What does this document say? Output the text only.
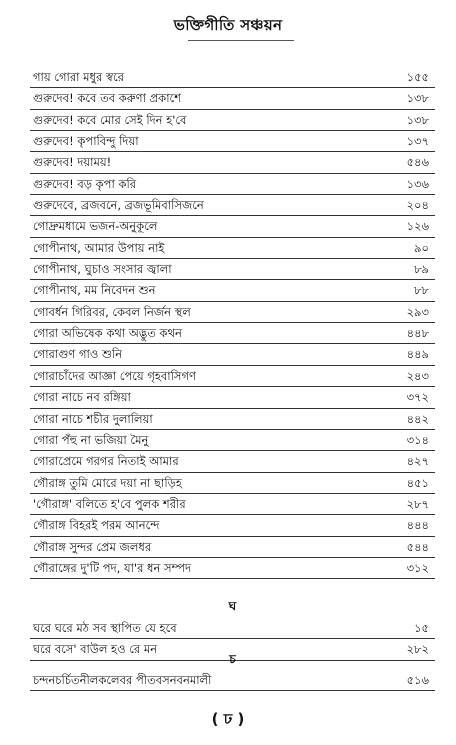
ভক্তিগীতি সঞ্চয়ন
গায় গোরা মধুর স্বরে	১৫৫
গুরুদেব! কবে তব করুণা প্রকাশে	১৩৮
গুরুদেব! কবে মোর সেই দিন হ'বে	১৩৮
গুরুদেব! কৃপাবিন্দু দিয়া	১৩৭
গুরুদেব! দয়াময়!	৫৪৬
গুরুদেব! বড় কৃপা করি	১৩৬
গুরুদেবে, ব্রজবনে, ব্রজভূমিবাসিজনে	২০৪
গোদ্রুমধামে ভজন-অনুকূলে	১২৬
গোপীনাথ, আমার উপায় নাই	৯০
গোপীনাথ, ঘুচাও সংসার জ্বালা	৮৯
গোপীনাথ, মম নিবেদন শুন	৮৮
গোবর্ধন গিরিবর, কেবল নির্জন স্থল	২৯৩
গোরা অভিষেক কথা অদ্ভুত কথন	৪৪৮
গোরাগুণ গাও শুনি	৪৪৯
গোরাচাঁদের আজ্ঞা পেয়ে গৃহবাসিগণ	২৪৩
গোরা নাচে নব রঙ্গিয়া	৩৭২
গোরা নাচে শচীর দুলালিয়া	৪৪২
গোরা পঁহু না ভজিয়া মৈনু	৩১৪
গোরাপ্রেমে গরগর নিতাই আমার	৪২৭
গৌরাঙ্গ তুমি মোরে দয়া না ছাড়িহ	৪৫১
'গৌরাঙ্গ' বলিতে হ'বে পুলক শরীর	২৮৭
গৌরাঙ্গ বিহরই পরম আনন্দে	৪৪৪
গৌরাঙ্গ সুন্দর প্রেম জলধর	৫৪৪
গৌরাঙ্গের দু'টি পদ, যা'র ধন সম্পদ	৩১২
ঘ
ঘরে ঘরে মঠ সব স্থাপিত যে হবে	১৫
ঘরে বসে' বাউল হও রে মন	২৮২
চ
চন্দনচর্চিতনীলকলেবর পীতবসনবনমালী	৫১৬
( ঢ )
